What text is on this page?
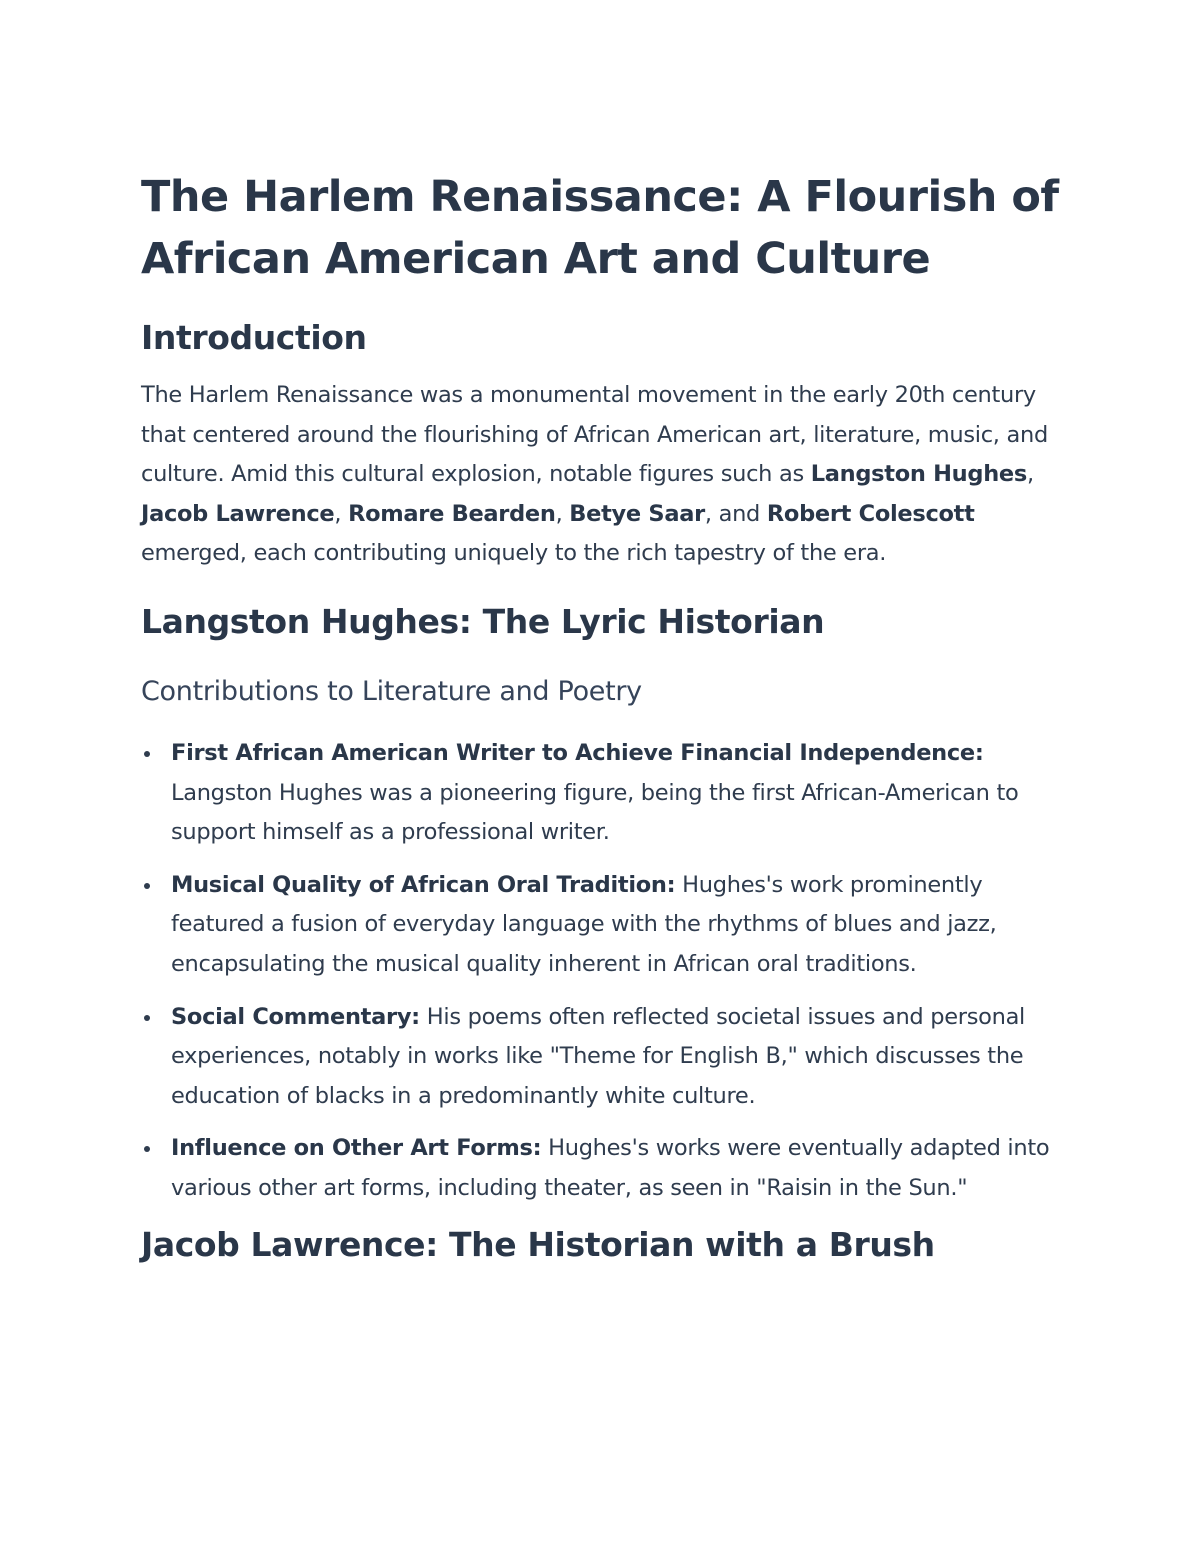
The Harlem Renaissance: A Flourish of African American Art and Culture
Introduction

The Harlem Renaissance was a monumental movement in the early 20th century that centered around the flourishing of African American art, literature, music, and culture. Amid this cultural explosion, notable figures such as Langston Hughes, Jacob Lawrence, Romare Bearden, Betye Saar, and Robert Colescott emerged, each contributing uniquely to the rich tapestry of the era.

Langston Hughes: The Lyric Historian
Contributions to Literature and Poetry
First African American Writer to Achieve Financial Independence: Langston Hughes was a pioneering figure, being the first African-American to support himself as a professional writer.
Musical Quality of African Oral Tradition: Hughes's work prominently featured a fusion of everyday language with the rhythms of blues and jazz, encapsulating the musical quality inherent in African oral traditions.
Social Commentary: His poems often reflected societal issues and personal experiences, notably in works like "Theme for English B," which discusses the education of blacks in a predominantly white culture.
Influence on Other Art Forms: Hughes's works were eventually adapted into various other art forms, including theater, as seen in "Raisin in the Sun."
Jacob Lawrence: The Historian with a Brush
